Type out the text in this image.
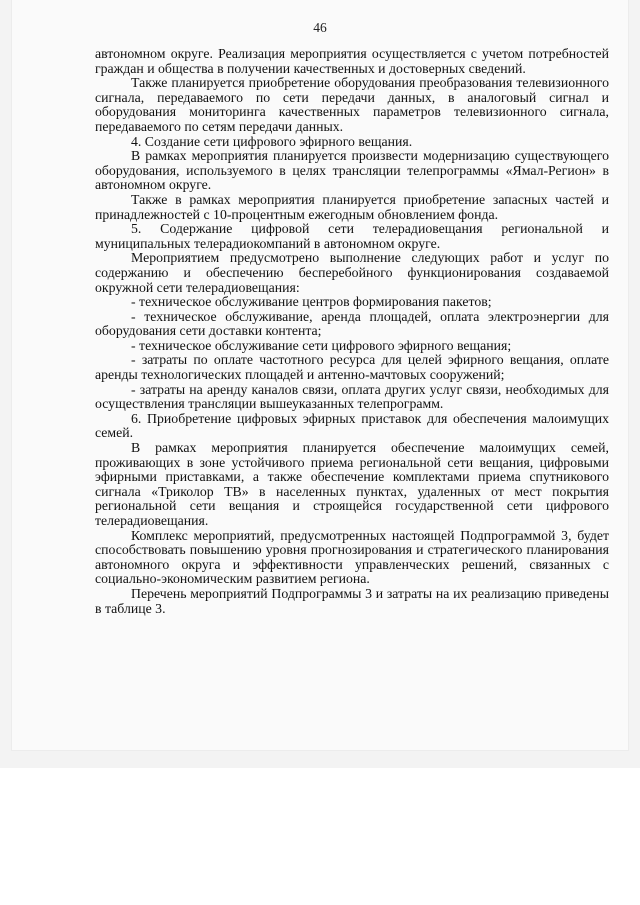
46

автономном округе. Реализация мероприятия осуществляется с учетом потребностей граждан и общества в получении качественных и достоверных сведений.

Также планируется приобретение оборудования преобразования телевизионного сигнала, передаваемого по сети передачи данных, в аналоговый сигнал и оборудования мониторинга качественных параметров телевизионного сигнала, передаваемого по сетям передачи данных.

4. Создание сети цифрового эфирного вещания.

В рамках мероприятия планируется произвести модернизацию существующего оборудования, используемого в целях трансляции телепрограммы «Ямал-Регион» в автономном округе.

Также в рамках мероприятия планируется приобретение запасных частей и принадлежностей с 10-процентным ежегодным обновлением фонда.

5. Содержание цифровой сети телерадиовещания региональной и муниципальных телерадиокомпаний в автономном округе.

Мероприятием предусмотрено выполнение следующих работ и услуг по содержанию и обеспечению бесперебойного функционирования создаваемой окружной сети телерадиовещания:

- техническое обслуживание центров формирования пакетов;

- техническое обслуживание, аренда площадей, оплата электроэнергии для оборудования сети доставки контента;

- техническое обслуживание сети цифрового эфирного вещания;

- затраты по оплате частотного ресурса для целей эфирного вещания, оплате аренды технологических площадей и антенно-мачтовых сооружений;

- затраты на аренду каналов связи, оплата других услуг связи, необходимых для осуществления трансляции вышеуказанных телепрограмм.

6. Приобретение цифровых эфирных приставок для обеспечения малоимущих семей.

В рамках мероприятия планируется обеспечение малоимущих семей, проживающих в зоне устойчивого приема региональной сети вещания, цифровыми эфирными приставками, а также обеспечение комплектами приема спутникового сигнала «Триколор ТВ» в населенных пунктах, удаленных от мест покрытия региональной сети вещания и строящейся государственной сети цифрового телерадиовещания.

Комплекс мероприятий, предусмотренных настоящей Подпрограммой 3, будет способствовать повышению уровня прогнозирования и стратегического планирования автономного округа и эффективности управленческих решений, связанных с социально-экономическим развитием региона.

Перечень мероприятий Подпрограммы 3 и затраты на их реализацию приведены в таблице 3.
